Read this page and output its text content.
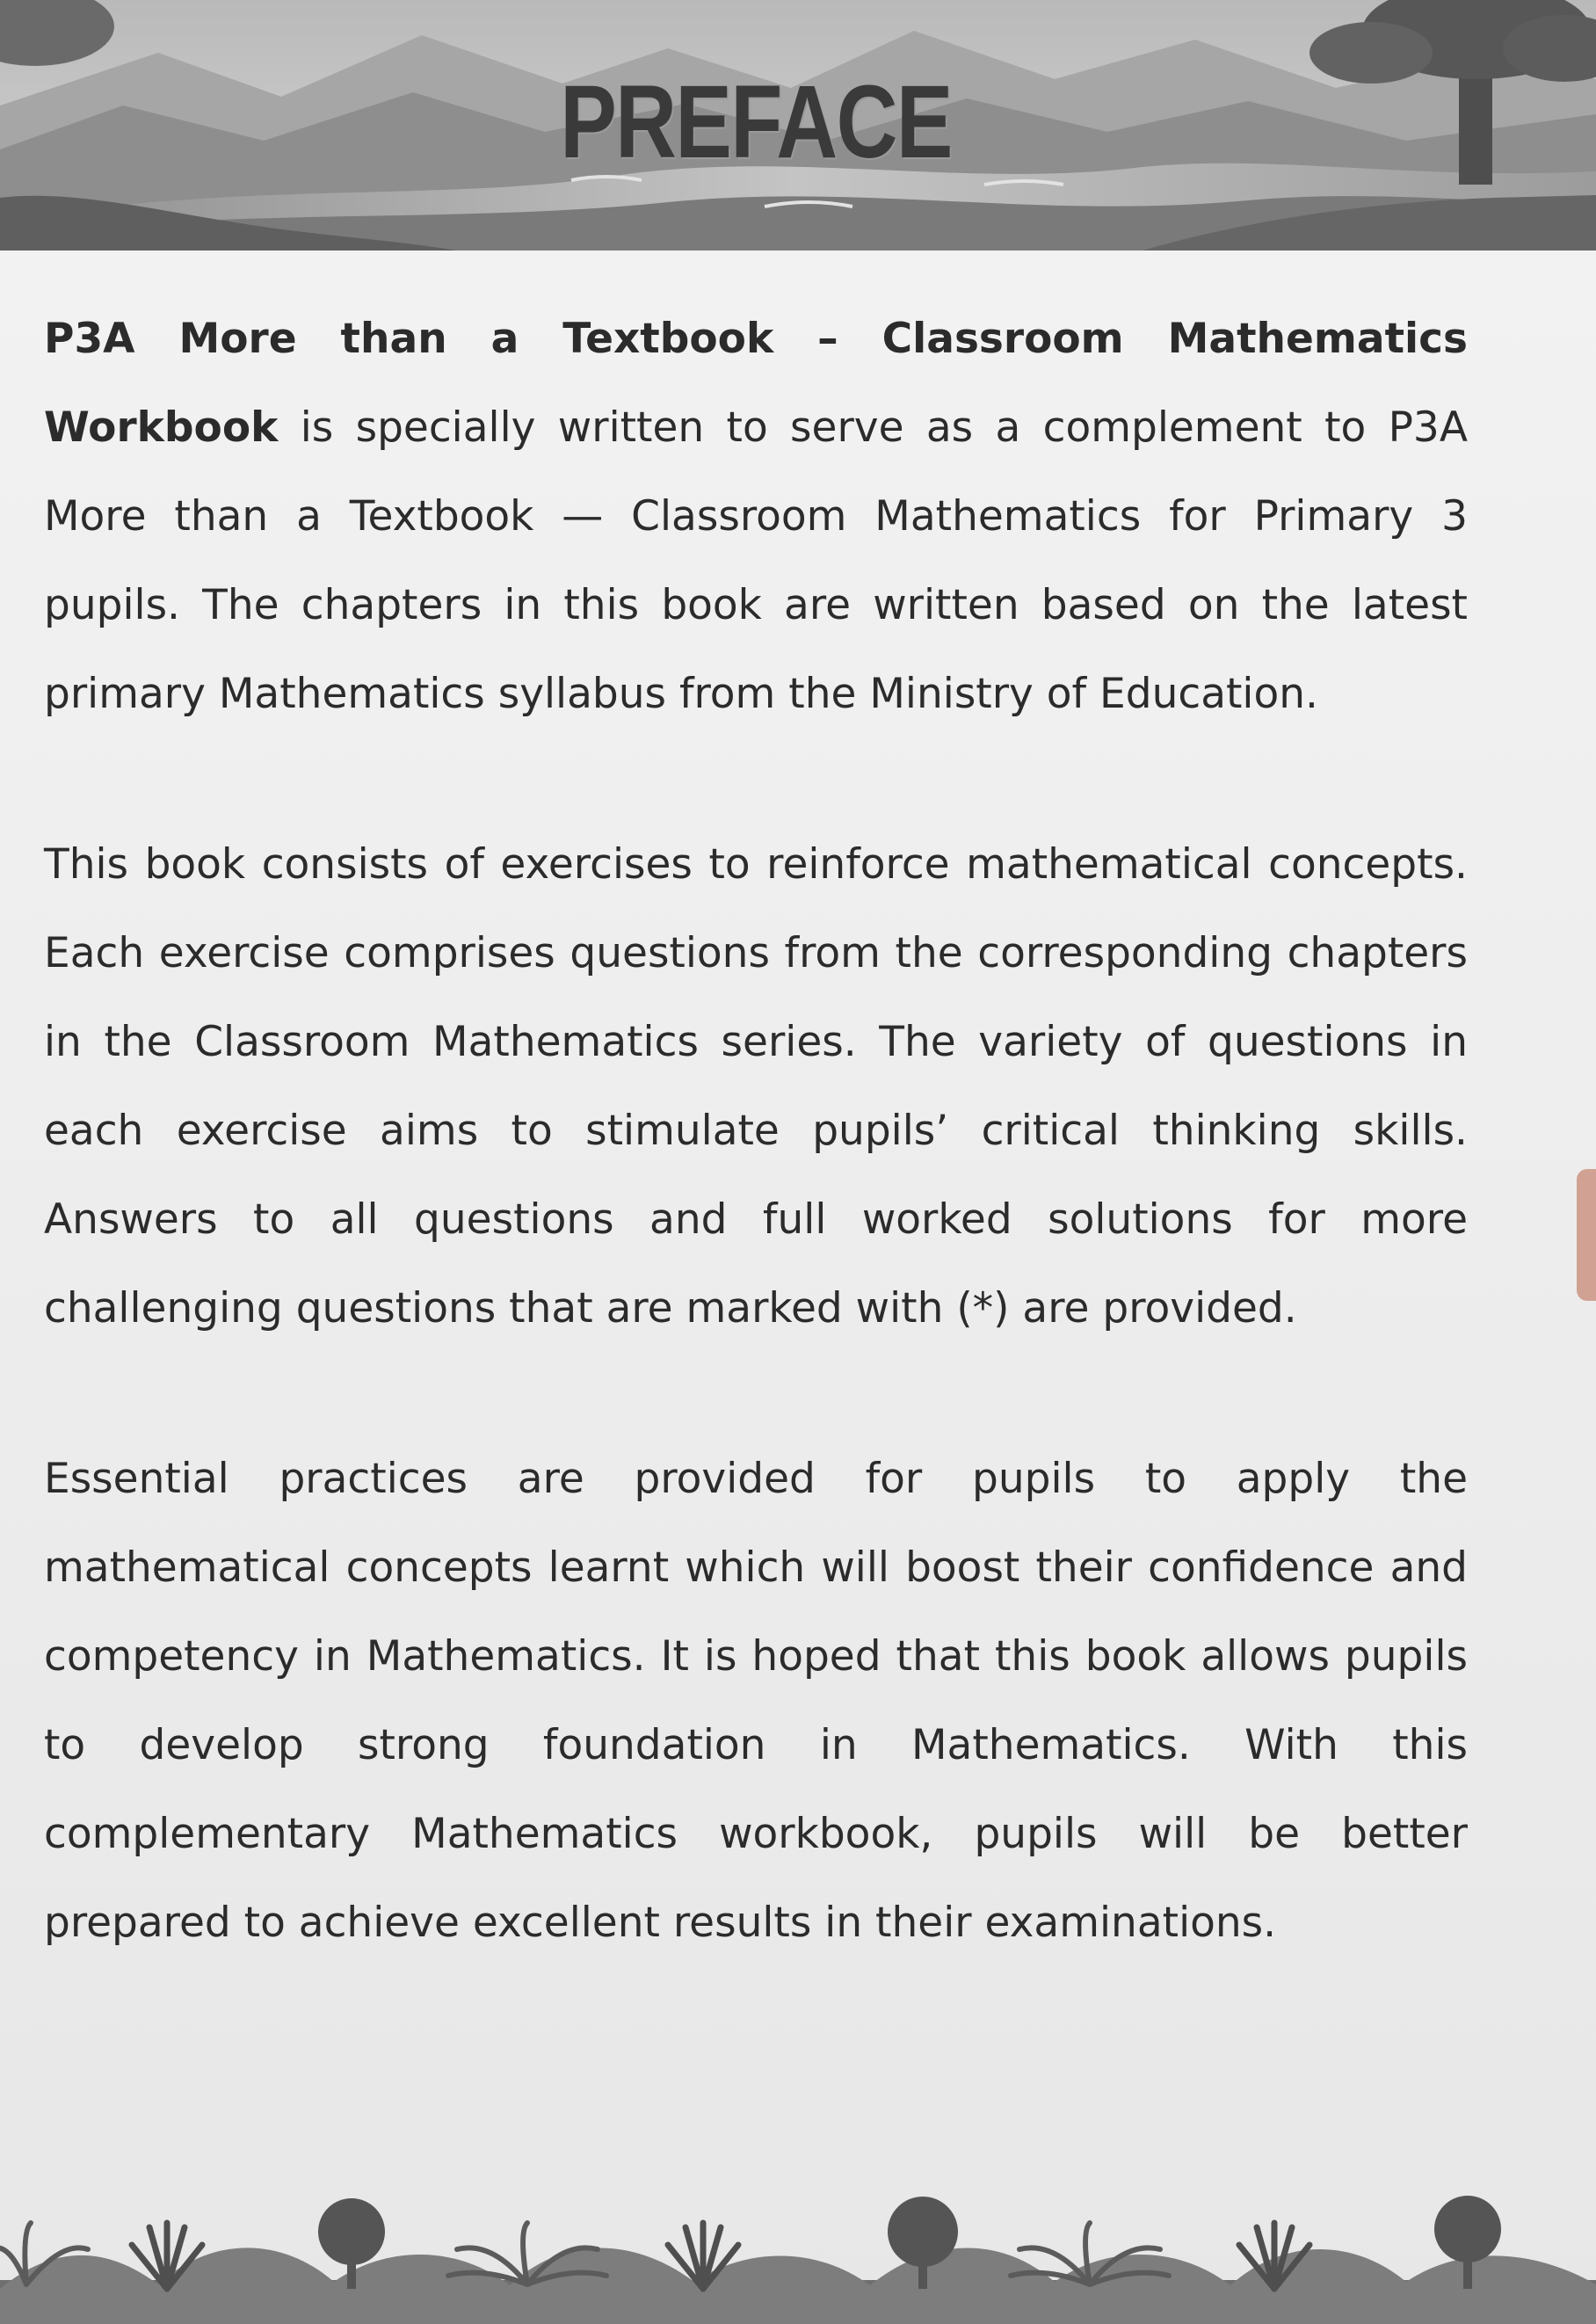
PREFACE

P3A More than a Textbook – Classroom Mathematics Workbook is specially written to serve as a complement to P3A More than a Textbook — Classroom Mathematics for Primary 3 pupils. The chapters in this book are written based on the latest primary Mathematics syllabus from the Ministry of Education.

This book consists of exercises to reinforce mathematical concepts. Each exercise comprises questions from the corresponding chapters in the Classroom Mathematics series. The variety of questions in each exercise aims to stimulate pupils’ critical thinking skills. Answers to all questions and full worked solutions for more challenging questions that are marked with (*) are provided.

Essential practices are provided for pupils to apply the mathematical concepts learnt which will boost their confidence and competency in Mathematics. It is hoped that this book allows pupils to develop strong foundation in Mathematics. With this complementary Mathematics workbook, pupils will be better prepared to achieve excellent results in their examinations.
